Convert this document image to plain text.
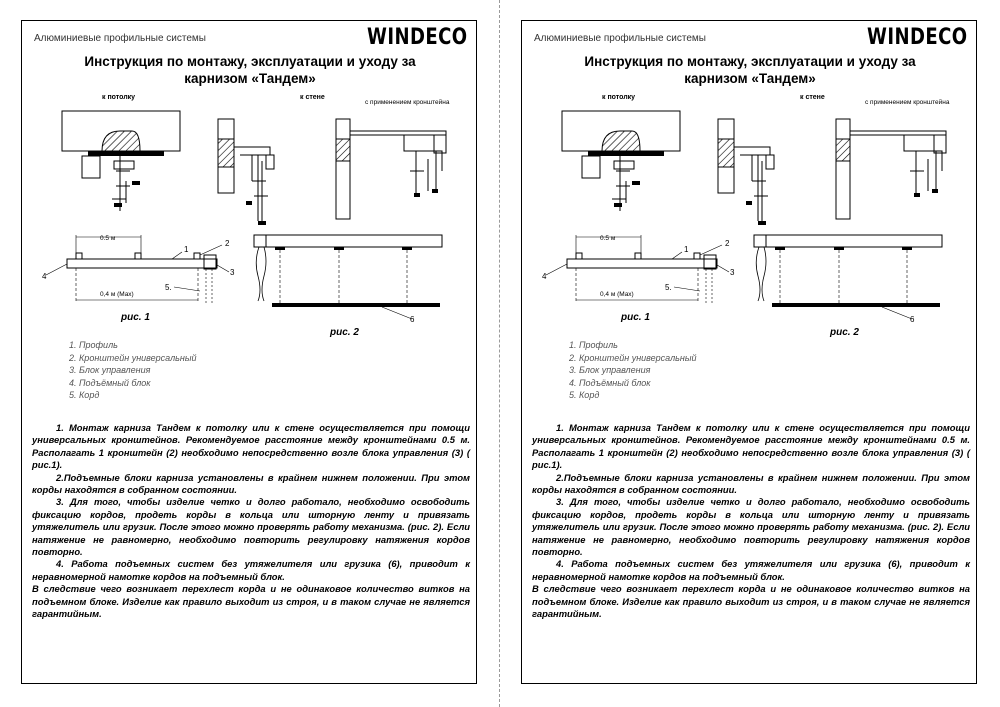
Алюминиевые профильные системы	WINDECO
Инструкция по монтажу, эксплуатации и уходу за
карнизом «Тандем»
к потолку	к стене
с применением кронштейна
0.5 м
0,4 м (Max)
1
2
3
4
5.
6
рис. 1
рис. 2
1. Профиль
2. Кронштейн универсальный
3. Блок управления
4. Подъёмный блок
5. Корд

1. Монтаж карниза Тандем к потолку или к стене осуществляется при помощи универсальных кронштейнов. Рекомендуемое расстояние между кронштейнами 0.5 м. Располагать 1 кронштейн (2) необходимо непосредственно возле блока управления (3) ( рис.1).

2.Подъемные блоки карниза установлены в крайнем нижнем положении. При этом корды находятся в собранном состоянии.

3. Для того, чтобы изделие четко и долго работало, необходимо освободить фиксацию кордов, продеть корды в кольца или шторную ленту и привязать утяжелитель или грузик. После этого можно проверять работу механизма. (рис. 2). Если натяжение не равномерно, необходимо повторить регулировку натяжения кордов повторно.

4. Работа подъемных систем без утяжелителя или грузика (6), приводит к неравномерной намотке кордов на подъемный блок.

В следствие чего возникает перехлест корда и не одинаковое количество витков на подъемном блоке. Изделие как правило выходит из строя, и в таком случае не является гарантийным.

Алюминиевые профильные системы	WINDECO
Инструкция по монтажу, эксплуатации и уходу за
карнизом «Тандем»
к потолку	к стене
с применением кронштейна
0.5 м
0,4 м (Max)
1
2
3
4
5.
6
рис. 1
рис. 2
1. Профиль
2. Кронштейн универсальный
3. Блок управления
4. Подъёмный блок
5. Корд

1. Монтаж карниза Тандем к потолку или к стене осуществляется при помощи универсальных кронштейнов. Рекомендуемое расстояние между кронштейнами 0.5 м. Располагать 1 кронштейн (2) необходимо непосредственно возле блока управления (3) ( рис.1).

2.Подъемные блоки карниза установлены в крайнем нижнем положении. При этом корды находятся в собранном состоянии.

3. Для того, чтобы изделие четко и долго работало, необходимо освободить фиксацию кордов, продеть корды в кольца или шторную ленту и привязать утяжелитель или грузик. После этого можно проверять работу механизма. (рис. 2). Если натяжение не равномерно, необходимо повторить регулировку натяжения кордов повторно.

4. Работа подъемных систем без утяжелителя или грузика (6), приводит к неравномерной намотке кордов на подъемный блок.

В следствие чего возникает перехлест корда и не одинаковое количество витков на подъемном блоке. Изделие как правило выходит из строя, и в таком случае не является гарантийным.
